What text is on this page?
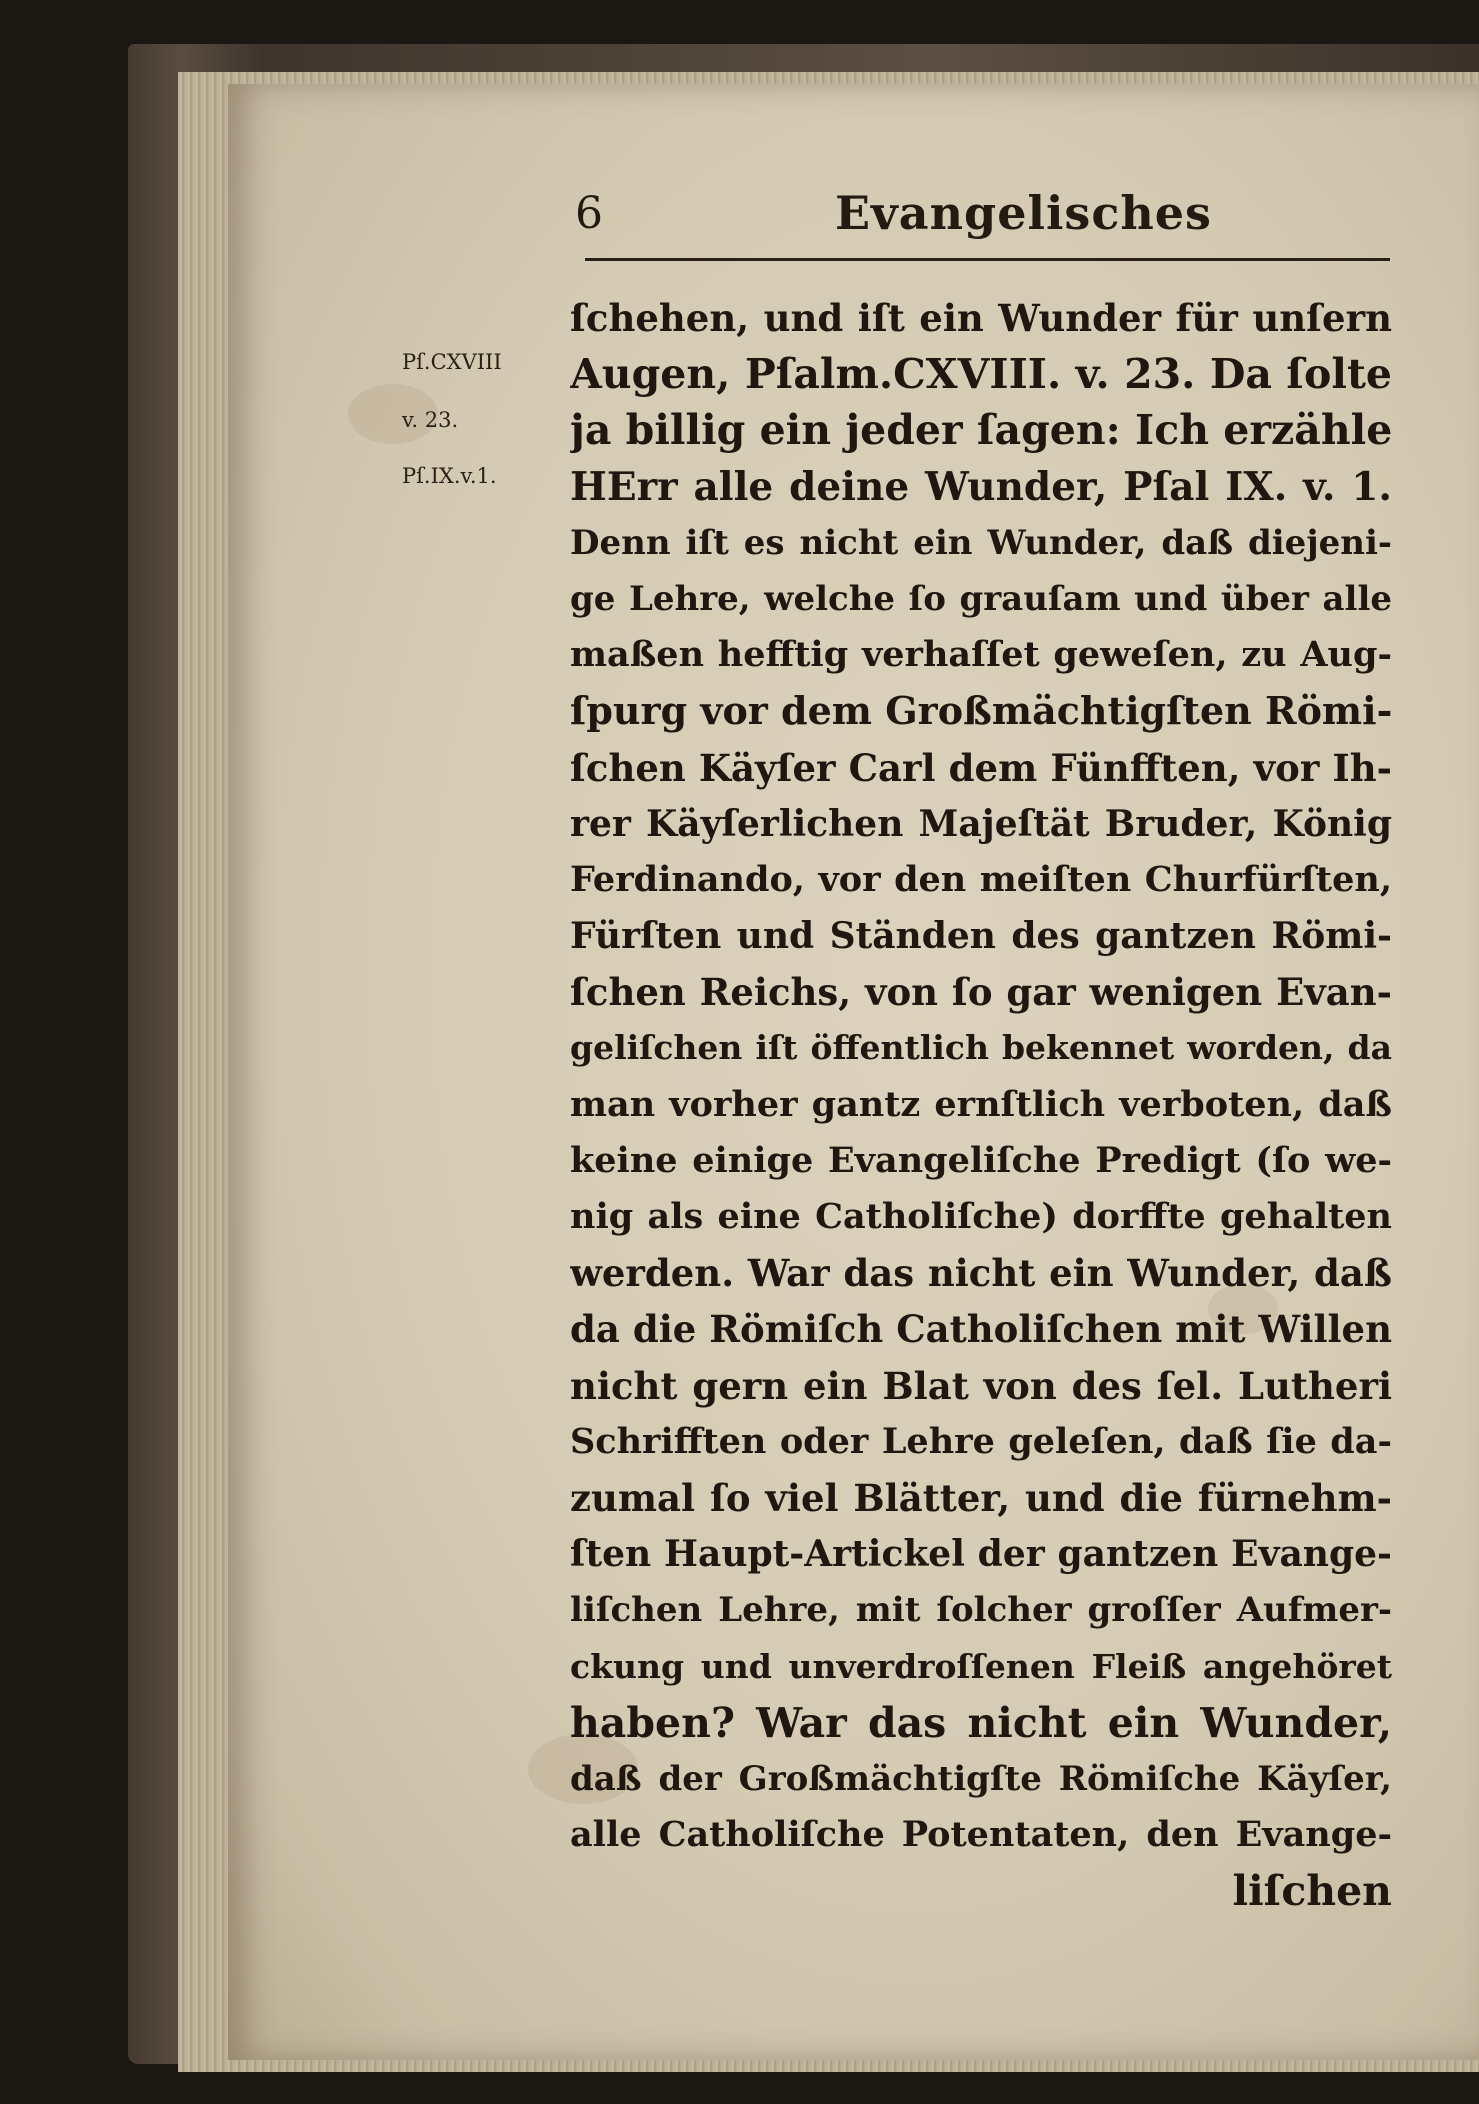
6	Evangelisches
Pſ.CXVIII
v. 23.
Pſ.IX.v.1.
ſchehen, und iſt ein Wunder für unſern
Augen, Pſalm.CXVIII. v. 23. Da ſolte
ja billig ein jeder ſagen: Ich erzähle
HErr alle deine Wunder, Pſal IX. v. 1.
Denn iſt es nicht ein Wunder, daß diejeni-
ge Lehre, welche ſo grauſam und über alle
maßen hefftig verhaſſet geweſen, zu Aug-
ſpurg vor dem Großmächtigſten Römi-
ſchen Käyſer Carl dem Fünfften, vor Ih-
rer Käyſerlichen Majeſtät Bruder, König
Ferdinando, vor den meiſten Churfürſten,
Fürſten und Ständen des gantzen Römi-
ſchen Reichs, von ſo gar wenigen Evan-
geliſchen iſt öffentlich bekennet worden, da
man vorher gantz ernſtlich verboten, daß
keine einige Evangeliſche Predigt (ſo we-
nig als eine Catholiſche) dorffte gehalten
werden. War das nicht ein Wunder, daß
da die Römiſch Catholiſchen mit Willen
nicht gern ein Blat von des ſel. Lutheri
Schrifften oder Lehre geleſen, daß ſie da-
zumal ſo viel Blätter, und die fürnehm-
ſten Haupt-Artickel der gantzen Evange-
liſchen Lehre, mit ſolcher groſſer Aufmer-
ckung und unverdroſſenen Fleiß angehöret
haben? War das nicht ein Wunder,
daß der Großmächtigſte Römiſche Käyſer,
alle Catholiſche Potentaten, den Evange-
liſchen
